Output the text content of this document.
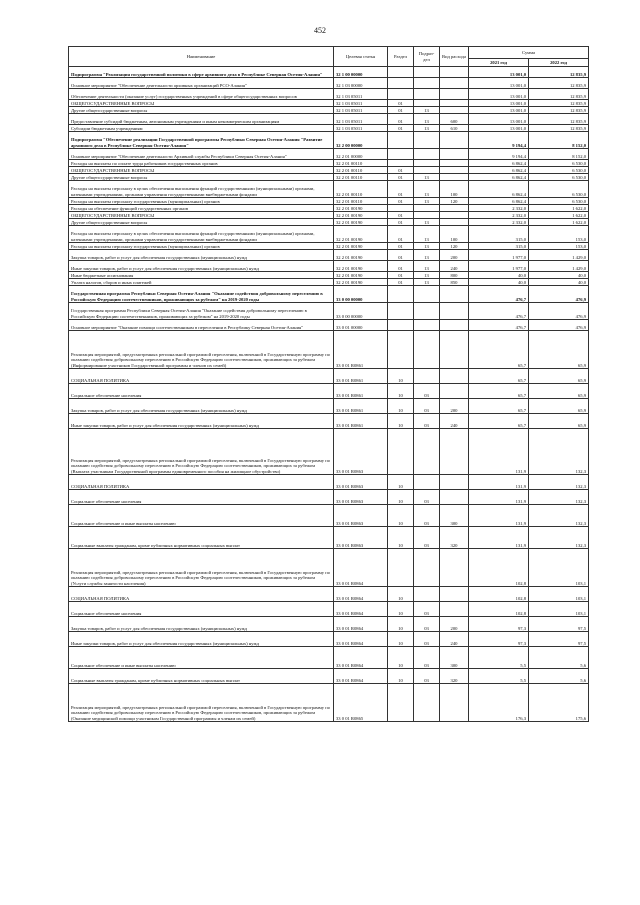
452
Наименование	Целевая статья	Раздел	Подраз-дел	Вид расхода	Сумма	
					2021 год	2022 год
Подпрограмма "Реализация государственной политики в сфере архивного дела в Республике Северная Осетия-Алания"	32 1 00 00000				13 001,0	12 835,9
Основное мероприятие "Обеспечение деятельности архивных организаций РСО-Алания"	32 1 03 00000				13 001,0	12 835,9
Обеспечение деятельности (оказание услуг) государственных учреждений в сфере общегосударственных вопросов	32 1 03 05011				13 001,0	12 835,9
ОБЩЕГОСУДАРСТВЕННЫЕ ВОПРОСЫ	32 1 03 05011	01			13 001,0	12 835,9
Другие общегосударственные вопросы	32 1 03 05011	01	13		13 001,0	12 835,9
Предоставление субсидий бюджетным, автономным учреждениям и иным некоммерческим организациям	32 1 03 05011	01	13	600	13 001,0	12 835,9
Субсидии бюджетным учреждениям	32 1 03 05011	01	13	610	13 001,0	12 835,9
Подпрограмма "Обеспечение реализации Государственной программы Республики Северная Осетия-Алания "Развитие архивного дела в Республике Северная Осетия-Алания"	32 2 00 00000				9 194,4	8 152,0
Основное мероприятие "Обеспечение деятельности Архивной службы Республики Северная Осетия-Алания"	32 2 01 00000				9 194,4	8 152,0
Расходы на выплаты по оплате труда работников государственных органов	32 2 01 00110				6 862,4	6 530,0
ОБЩЕГОСУДАРСТВЕННЫЕ ВОПРОСЫ	32 2 01 00110	01			6 862,4	6 530,0
Другие общегосударственные вопросы	32 2 01 00110	01	13		6 862,4	6 530,0
Расходы на выплаты персоналу в целях обеспечения выполнения функций государственными (муниципальными) органами, казенными учреждениями, органами управления государственными внебюджетными фондами	32 2 01 00110	01	13	100	6 862,4	6 530,0
Расходы на выплаты персоналу государственных (муниципальных) органов	32 2 01 00110	01	13	120	6 862,4	6 530,0
Расходы на обеспечение функций государственных органов	32 2 01 00190				2 332,0	1 622,0
ОБЩЕГОСУДАРСТВЕННЫЕ ВОПРОСЫ	32 2 01 00190	01			2 332,0	1 622,0
Другие общегосударственные вопросы	32 2 01 00190	01	13		2 332,0	1 622,0
Расходы на выплаты персоналу в целях обеспечения выполнения функций государственными (муниципальными) органами, казенными учреждениями, органами управления государственными внебюджетными фондами	32 2 01 00190	01	13	100	315,0	153,0
Расходы на выплаты персоналу государственных (муниципальных) органов	32 2 01 00190	01	13	120	315,0	153,0
Закупка товаров, работ и услуг для обеспечения государственных (муниципальных) нужд	32 2 01 00190	01	13	200	1 977,0	1 429,0
Иные закупки товаров, работ и услуг для обеспечения государственных (муниципальных) нужд	32 2 01 00190	01	13	240	1 977,0	1 429,0
Иные бюджетные ассигнования	32 2 01 00190	01	13	800	40,0	40,0
Уплата налогов, сборов и иных платежей	32 2 01 00190	01	13	850	40,0	40,0
Государственная программа Республики Северная Осетия-Алания "Оказание содействия добровольному переселению в Российскую Федерацию соотечественников, проживающих за рубежом" на 2019-2020 годы	33 0 00 00000				476,7	476,9
Государственная программа Республики Северная Осетия-Алания "Оказание содействия добровольному переселению в Российскую Федерацию соотечественников, проживающих за рубежом" на 2019-2020 годы	33 0 00 00000				476,7	476,9
Основное мероприятие "Оказание помощи соотечественникам в переселении в Республику Северная Осетия-Алания"	33 0 01 00000				476,7	476,9
Реализация мероприятий, предусмотренных региональной программой переселения, включенной в Государственную программу по оказанию содействия добровольному переселению в Российскую Федерацию соотечественников, проживающих за рубежом (Информирование участников Государственной программы и членов их семей)	33 0 01 R0861				65,7	65,9
СОЦИАЛЬНАЯ ПОЛИТИКА	33 0 01 R0861	10			65,7	65,9
Социальное обеспечение населения	33 0 01 R0861	10	03		65,7	65,9
Закупка товаров, работ и услуг для обеспечения государственных (муниципальных) нужд	33 0 01 R0861	10	03	200	65,7	65,9
Иные закупки товаров, работ и услуг для обеспечения государственных (муниципальных) нужд	33 0 01 R0861	10	03	240	65,7	65,9
Реализация мероприятий, предусмотренных региональной программой переселения, включенной в Государственную программу по оказанию содействия добровольному переселению в Российскую Федерацию соотечественников, проживающих за рубежом (Выплата участникам Государственной программы единовременного пособия на жилищное обустройство)	33 0 01 R0863				131,9	132,3
СОЦИАЛЬНАЯ ПОЛИТИКА	33 0 01 R0863	10			131,9	132,3
Социальное обеспечение населения	33 0 01 R0863	10	03		131,9	132,3
Социальное обеспечение и иные выплаты населению	33 0 01 R0863	10	03	300	131,9	132,3
Социальные выплаты гражданам, кроме публичных нормативных социальных выплат	33 0 01 R0863	10	03	320	131,9	132,3
Реализация мероприятий, предусмотренных региональной программой переселения, включенной в Государственную программу по оказанию содействия добровольному переселению в Российскую Федерацию соотечественников, проживающих за рубежом (Услуги службы занятости населения)	33 0 01 R0864				102,8	103,1
СОЦИАЛЬНАЯ ПОЛИТИКА	33 0 01 R0864	10			102,8	103,1
Социальное обеспечение населения	33 0 01 R0864	10	03		102,8	103,1
Закупка товаров, работ и услуг для обеспечения государственных (муниципальных) нужд	33 0 01 R0864	10	03	200	97,3	97,5
Иные закупки товаров, работ и услуг для обеспечения государственных (муниципальных) нужд	33 0 01 R0864	10	03	240	97,3	97,5
Социальное обеспечение и иные выплаты населению	33 0 01 R0864	10	03	300	5,5	5,6
Социальные выплаты гражданам, кроме публичных нормативных социальных выплат	33 0 01 R0864	10	03	320	5,5	5,6
Реализация мероприятий, предусмотренных региональной программой переселения, включенной в Государственную программу по оказанию содействия добровольному переселению в Российскую Федерацию соотечественников, проживающих за рубежом (Оказание медицинской помощи участникам Государственной программы и членам их семей)	33 0 01 R0865				176,3	175,6
